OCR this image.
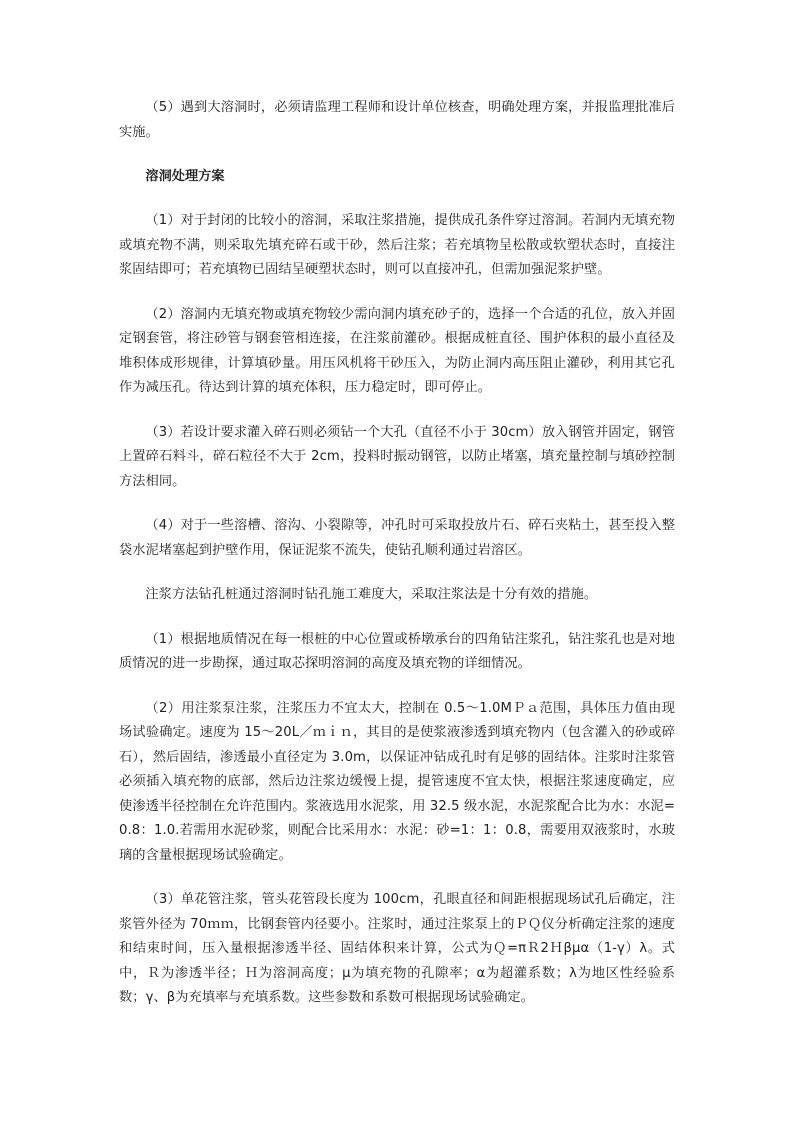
（5）遇到大溶洞时，必须请监理工程师和设计单位核查，明确处理方案，并报监理批准后实施。

溶洞处理方案

（1）对于封闭的比较小的溶洞，采取注浆措施，提供成孔条件穿过溶洞。若洞内无填充物或填充物不满，则采取先填充碎石或干砂，然后注浆；若充填物呈松散或软塑状态时，直接注浆固结即可；若充填物已固结呈硬塑状态时，则可以直接冲孔，但需加强泥浆护壁。

（2）溶洞内无填充物或填充物较少需向洞内填充砂子的，选择一个合适的孔位，放入并固定钢套管，将注砂管与钢套管相连接，在注浆前灌砂。根据成桩直径、围护体积的最小直径及堆积体成形规律，计算填砂量。用压风机将干砂压入，为防止洞内高压阻止灌砂，利用其它孔作为减压孔。待达到计算的填充体积，压力稳定时，即可停止。

（3）若设计要求灌入碎石则必须钻一个大孔（直径不小于 30cm）放入钢管并固定，钢管上置碎石料斗，碎石粒径不大于 2cm，投料时振动钢管，以防止堵塞，填充量控制与填砂控制方法相同。

（4）对于一些溶槽、溶沟、小裂隙等，冲孔时可采取投放片石、碎石夹粘土，甚至投入整袋水泥堵塞起到护壁作用，保证泥浆不流失，使钻孔顺利通过岩溶区。

注浆方法钻孔桩通过溶洞时钻孔施工难度大，采取注浆法是十分有效的措施。

（1）根据地质情况在每一根桩的中心位置或桥墩承台的四角钻注浆孔，钻注浆孔也是对地质情况的进一步勘探，通过取芯探明溶洞的高度及填充物的详细情况。

（2）用注浆泵注浆，注浆压力不宜太大，控制在 0.5～1.0MＰａ范围，具体压力值由现场试验确定。速度为 15～20L／ｍｉｎ，其目的是使浆液渗透到填充物内（包含灌入的砂或碎石），然后固结，渗透最小直径定为 3.0m，以保证冲钻成孔时有足够的固结体。注浆时注浆管必须插入填充物的底部，然后边注浆边缓慢上提，提管速度不宜太快，根据注浆速度确定，应使渗透半径控制在允许范围内。浆液选用水泥浆，用 32.5 级水泥，水泥浆配合比为水：水泥=0.8：1.0.若需用水泥砂浆，则配合比采用水：水泥：砂=1：1：0.8，需要用双液浆时，水玻璃的含量根据现场试验确定。

（3）单花管注浆，管头花管段长度为 100cm，孔眼直径和间距根据现场试孔后确定，注浆管外径为 70ｍｍ，比钢套管内径要小。注浆时，通过注浆泵上的ＰＱ仪分析确定注浆的速度和结束时间，压入量根据渗透半径、固结体积来计算，公式为Ｑ=πＲ2Ｈβμα（1-γ）λ。式中，Ｒ为渗透半径；Ｈ为溶洞高度；μ为填充物的孔隙率；α为超灌系数；λ为地区性经验系数；γ、β为充填率与充填系数。这些参数和系数可根据现场试验确定。
